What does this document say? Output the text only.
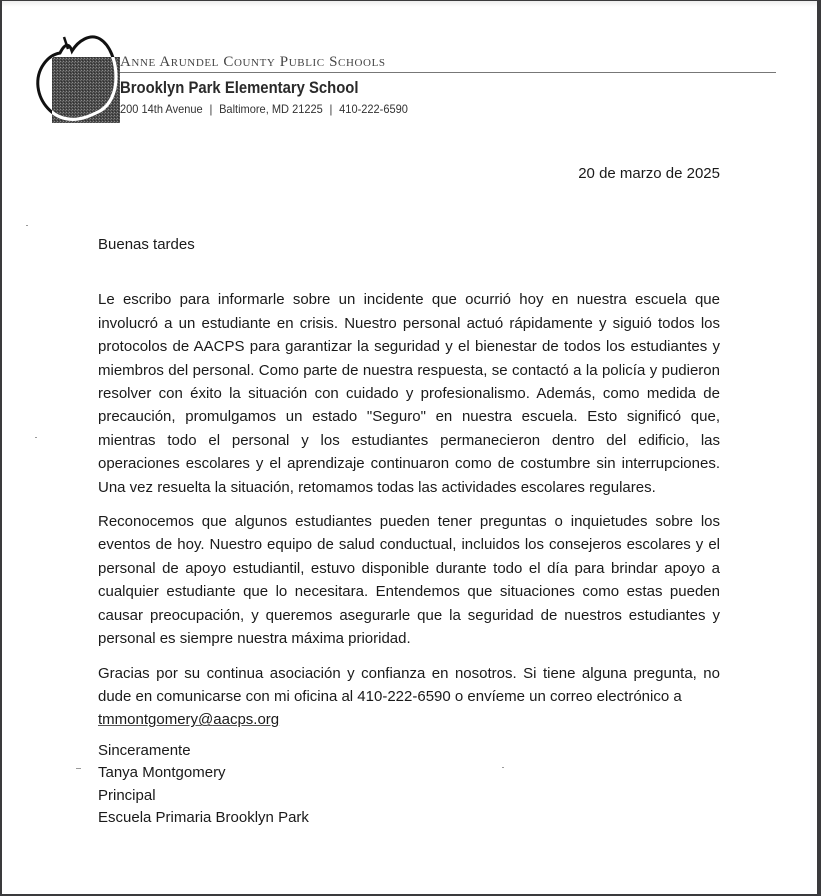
Anne Arundel County Public Schools
Brooklyn Park Elementary School
200 14th Avenue | Baltimore, MD 21225 | 410-222-6590
20 de marzo de 2025

Buenas tardes

Le escribo para informarle sobre un incidente que ocurrió hoy en nuestra escuela que involucró a un estudiante en crisis. Nuestro personal actuó rápidamente y siguió todos los protocolos de AACPS para garantizar la seguridad y el bienestar de todos los estudiantes y miembros del personal. Como parte de nuestra respuesta, se contactó a la policía y pudieron resolver con éxito la situación con cuidado y profesionalismo. Además, como medida de precaución, promulgamos un estado "Seguro" en nuestra escuela. Esto significó que, mientras todo el personal y los estudiantes permanecieron dentro del edificio, las operaciones escolares y el aprendizaje continuaron como de costumbre sin interrupciones. Una vez resuelta la situación, retomamos todas las actividades escolares regulares.

Reconocemos que algunos estudiantes pueden tener preguntas o inquietudes sobre los eventos de hoy. Nuestro equipo de salud conductual, incluidos los consejeros escolares y el personal de apoyo estudiantil, estuvo disponible durante todo el día para brindar apoyo a cualquier estudiante que lo necesitara. Entendemos que situaciones como estas pueden causar preocupación, y queremos asegurarle que la seguridad de nuestros estudiantes y personal es siempre nuestra máxima prioridad.

Gracias por su continua asociación y confianza en nosotros. Si tiene alguna pregunta, no dude en comunicarse con mi oficina al 410-222-6590 o envíeme un correo electrónico a
tmmontgomery@aacps.org

Sinceramente
Tanya Montgomery
Principal
Escuela Primaria Brooklyn Park
